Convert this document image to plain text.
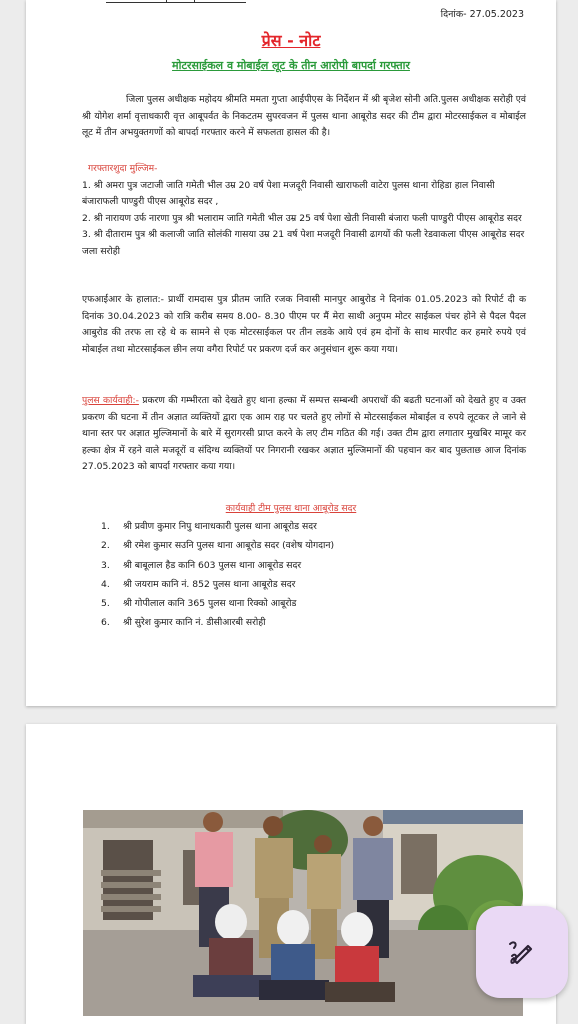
दिनांक- 27.05.2023
प्रेस - नोट
मोटरसाईकल व मोबाईल लूट के तीन आरोपी बापर्दा गरफ्तार
जिला पुलस अधीक्षक महोदय श्रीमति ममता गुप्ता आईपीएस के निर्देशन में श्री बृजेश सोनी अति.पुलस अधीक्षक सरोही एवं श्री योगेश शर्मा वृत्ताधकारी वृत्त आबूपर्वत के निकटतम सुपरवजन में पुलस थाना आबूरोड सदर की टीम द्वारा मोटरसाईकल व मोबाईल लूट में तीन अभयुक्तगणों को बापर्दा गरफ्तार करने में सफलता हासल की है।
गरफ्तारशुदा मुल्जिम-
1. श्री अमरा पुत्र जटाजी जाति गमेती भील उम्र 20 वर्ष पेशा मजदूरी निवासी खाराफली वाटेरा पुलस थाना रोहिडा हाल निवासी बंजाराफली पाण्डुरी पीएस आबूरोड सदर ,
2. श्री नारायण उर्फ नारणा पुत्र श्री भलाराम जाति गमेती भील उम्र 25 वर्ष पेशा खेती निवासी बंजारा फली पाण्डुरी पीएस आबूरोड सदर
3. श्री दीताराम पुत्र श्री कलाजी जाति सोलंकी गासया उम्र 21 वर्ष पेशा मजदूरी निवासी ढागयों की फली रेडवाकला पीएस आबूरोड सदर जला सरोही
एफआईआर के हालात:- प्रार्थी रामदास पुत्र प्रीतम जाति रजक निवासी मानपुर आबुरोड ने दिनांक 01.05.2023 को रिपोर्ट दी क दिनांक 30.04.2023 को रात्रि करीब समय 8.00- 8.30 पीएम पर मैं मेरा साथी अनुपम मोटर साईकल पंचर होने से पैदल पैदल आबुरोड की तरफ ला रहे थे क सामने से एक मोटरसाईकल पर तीन लडके आये एवं हम दोनों के साथ मारपीट कर हमारे रुपये एवं मोबाईल तथा मोटरसाईकल छीन लया वगैरा रिपोर्ट पर प्रकरण दर्ज कर अनुसंधान शुरू कया गया।
पुलस कार्यवाही:- प्रकरण की गम्भीरता को देखते हुए थाना हल्का में सम्पत्त सम्बन्धी अपराधों की बढती घटनाओं को देखते हुए व उक्त प्रकरण की घटना में तीन अज्ञात व्यक्तियों द्वारा एक आम राह पर चलते हुए लोगों से मोटरसाईकल मोबाईल व रुपये लूटकर ले जाने से थाना स्तर पर अज्ञात मुल्जिमानों के बारे में सुरागरसी प्राप्त करने के लए टीम गठित की गई। उक्त टीम द्वारा लगातार मुखबिर मामूर कर हल्का क्षेत्र में रहने वाले मजदूरों व संदिग्ध व्यक्तियों पर निगरानी रखकर अज्ञात मुल्जिमानों की पहचान कर बाद पुछताछ आज दिनांक 27.05.2023 को बापर्दा गरफ्तार कया गया।
कार्यवाही टीम पुलस थाना आबूरोड सदर
1.	श्री प्रवीण कुमार निपु थानाधकारी पुलस थाना आबूरोड सदर
2.	श्री रमेश कुमार सउनि पुलस थाना आबूरोड सदर (वशेष योगदान)
3.	श्री बाबूलाल हैड कानि 603 पुलस थाना आबूरोड सदर
4.	श्री जयराम कानि नं. 852 पुलस थाना आबूरोड सदर
5.	श्री गोपीलाल कानि 365 पुलस थाना रिक्को आबूरोड
6.	श्री सुरेश कुमार कानि नं. डीसीआरबी सरोही
